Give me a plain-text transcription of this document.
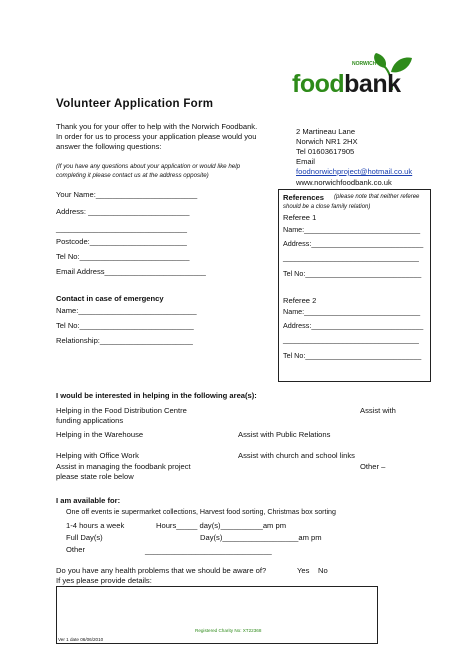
NORWICH
foodbank
Volunteer Application Form
Thank you for your offer to help with the Norwich Foodbank.
In order for us to process your application please would you
answer the following questions:
(If you have any questions about your application or would like help
completing it please contact us at the address opposite)
2 Martineau Lane
Norwich NR1 2HX
Tel 01603617905
Email
foodnorwichproject@hotmail.co.uk
www.norwichfoodbank.co.uk
Your Name:________________________
Address: ________________________
_______________________________
Postcode:_______________________
Tel No:__________________________
Email Address________________________
Contact in case of emergency
Name:____________________________
Tel No:___________________________
Relationship:______________________
References (please note that neither referee
should be a close family relation)
Referee 1
Name:_____________________________
Address:____________________________
__________________________________
Tel No:_____________________________
Referee 2
Name:_____________________________
Address:____________________________
__________________________________
Tel No:_____________________________
I would be interested in helping in the following area(s):
Helping in the Food Distribution Centre	Assist with
funding applications
Helping in the Warehouse	Assist with Public Relations
Helping with Office Work	Assist with church and school links
Assist in managing the foodbank project	Other –
please state role below
I am available for:
One off events ie supermarket collections, Harvest food sorting, Christmas box sorting
1-4 hours a week	Hours_____ day(s)__________am pm
Full Day(s)	Day(s)__________________am pm
Other	______________________________
Do you have any health problems that we should be aware of?	Yes No
If yes please provide details:
Registered Charity No: XT22368
Ver 1 date 06/06/2010
